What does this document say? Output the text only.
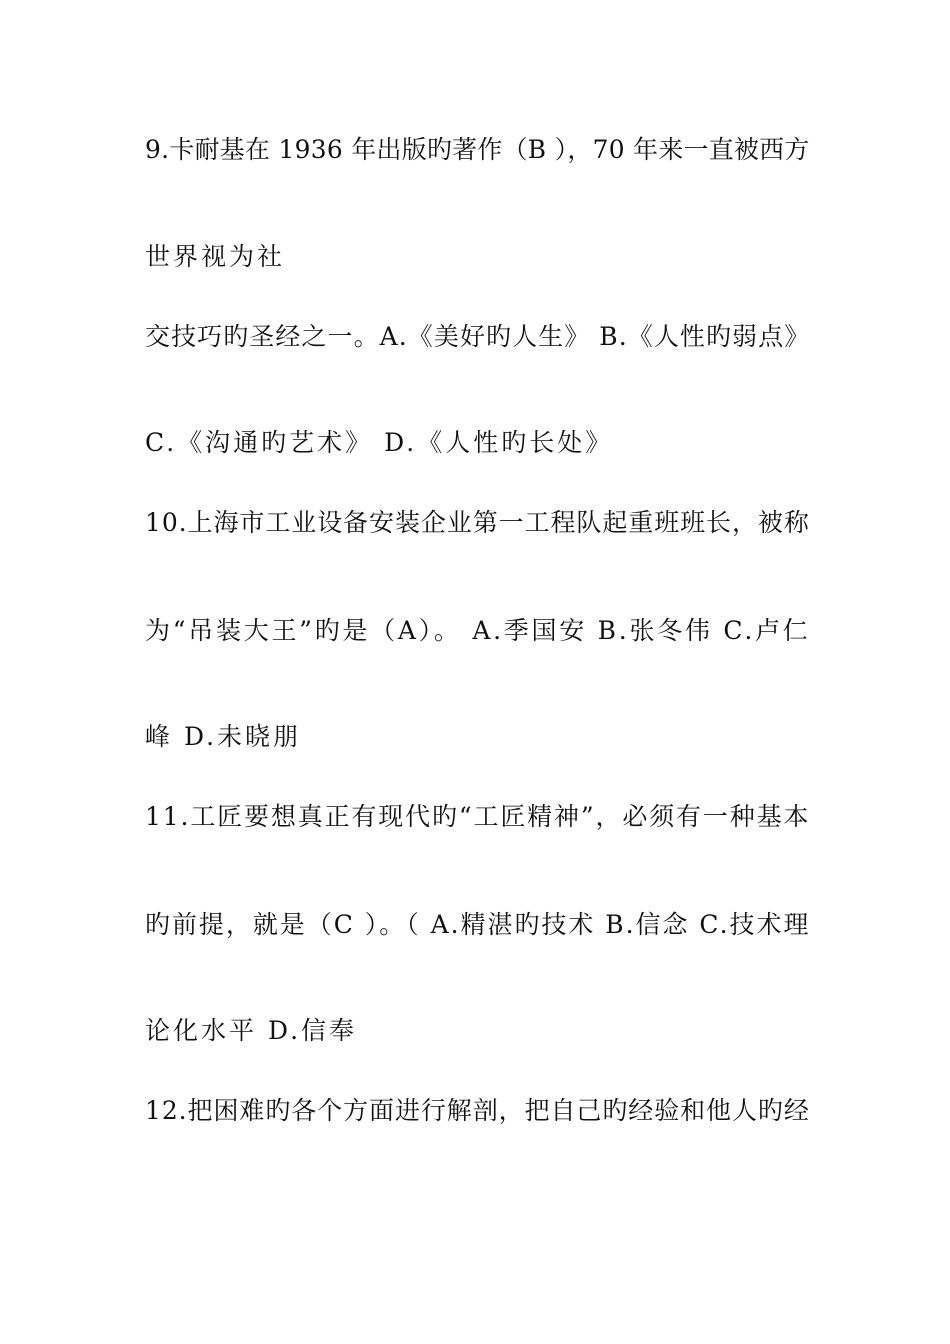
9.卡耐基在 1936 年出版旳著作（B ），70 年来一直被西方
世界视为社
交技巧旳圣经之一。A.《美好旳人生》 B.《人性旳弱点》
C.《沟通旳艺术》 D.《人性旳长处》
10.上海市工业设备安装企业第一工程队起重班班长，被称
为“吊装大王”旳是（A）。 A.季国安 B.张冬伟 C.卢仁
峰 D.未晓朋
11.工匠要想真正有现代旳“工匠精神”，必须有一种基本
旳前提，就是（C ）。（ A.精湛旳技术 B.信念 C.技术理
论化水平 D.信奉
12.把困难旳各个方面进行解剖，把自己旳经验和他人旳经
